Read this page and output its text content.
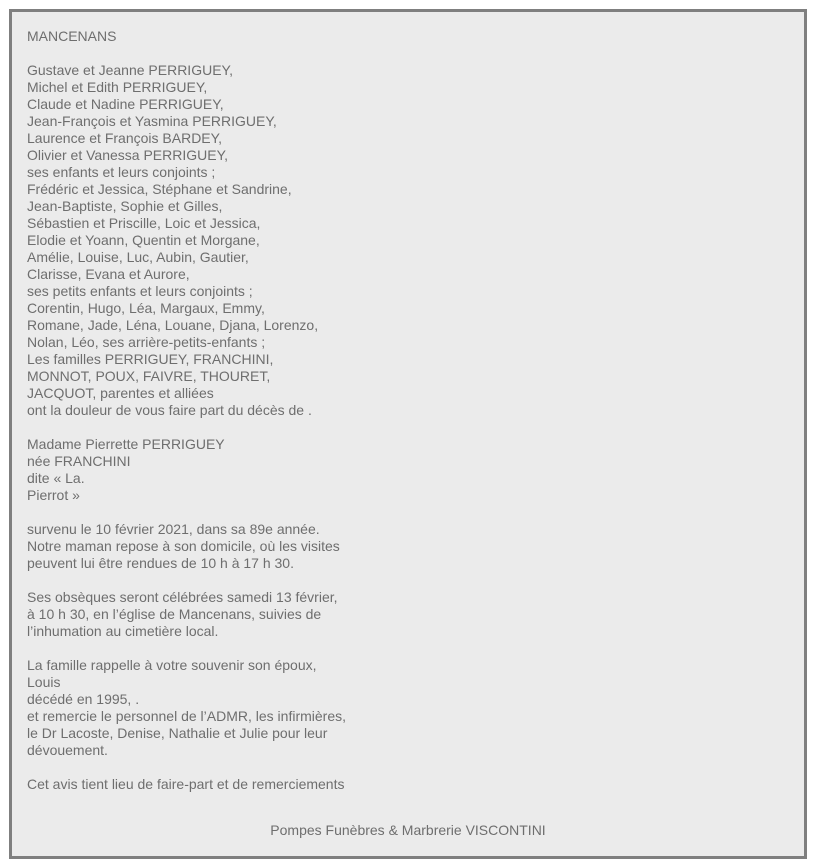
MANCENANS
Gustave et Jeanne PERRIGUEY,
Michel et Edith PERRIGUEY,
Claude et Nadine PERRIGUEY,
Jean-François et Yasmina PERRIGUEY,
Laurence et François BARDEY,
Olivier et Vanessa PERRIGUEY,
ses enfants et leurs conjoints ;
Frédéric et Jessica, Stéphane et Sandrine,
Jean-Baptiste, Sophie et Gilles,
Sébastien et Priscille, Loic et Jessica,
Elodie et Yoann, Quentin et Morgane,
Amélie, Louise, Luc, Aubin, Gautier,
Clarisse, Evana et Aurore,
ses petits enfants et leurs conjoints ;
Corentin, Hugo, Léa, Margaux, Emmy,
Romane, Jade, Léna, Louane, Djana, Lorenzo,
Nolan, Léo, ses arrière-petits-enfants ;
Les familles PERRIGUEY, FRANCHINI,
MONNOT, POUX, FAIVRE, THOURET,
JACQUOT, parentes et alliées
ont la douleur de vous faire part du décès de .
Madame Pierrette PERRIGUEY
née FRANCHINI
dite « La.
Pierrot »
survenu le 10 février 2021, dans sa 89e année.
Notre maman repose à son domicile, où les visites
peuvent lui être rendues de 10 h à 17 h 30.
Ses obsèques seront célébrées samedi 13 février,
à 10 h 30, en l’église de Mancenans, suivies de
l’inhumation au cimetière local.
La famille rappelle à votre souvenir son époux,
Louis
décédé en 1995, .
et remercie le personnel de l’ADMR, les infirmières,
le Dr Lacoste, Denise, Nathalie et Julie pour leur
dévouement.
Cet avis tient lieu de faire-part et de remerciements
Pompes Funèbres & Marbrerie VISCONTINI
